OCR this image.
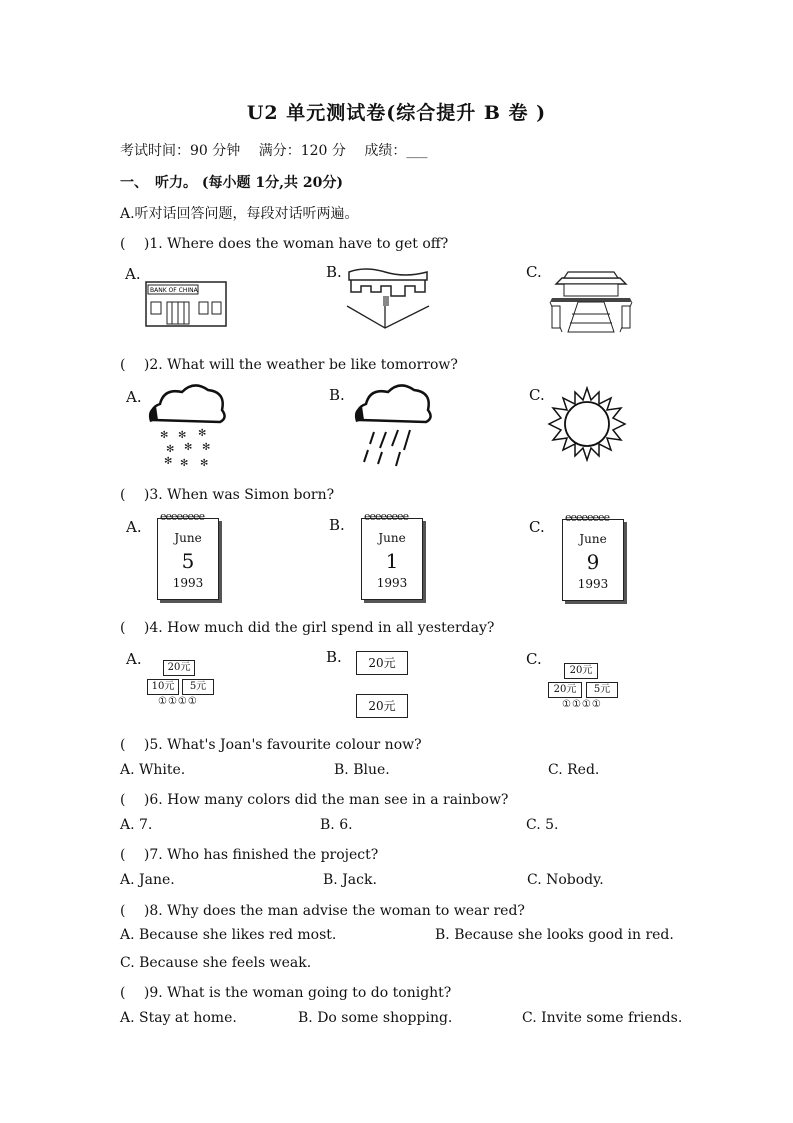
U2 单元测试卷(综合提升 B 卷 )
考试时间：90 分钟　 满分：120 分　 成绩：___
一、　听力。 (每小题 1分,共 20分)
A.听对话回答问题，每段对话听两遍。
(　 )1. Where does the woman have to get off?
A.	B.	C.
BANK OF CHINA
(　 )2. What will the weather be like tomorrow?
A.	B.	C.
✻ ✻ ✻
✻ ✻ ✻
✻ ✻ ✻
(　 )3. When was Simon born?
A.	B.	C.
eeeeeeee
June
5
1993
eeeeeeee
June
1
1993
eeeeeeee
June
9
1993
(　 )4. How much did the girl spend in all yesterday?
A.	B.	C.
20元
10元	5元
①①①①
20元
20元
20元
20元	5元
①①①①
(　 )5. What's Joan's favourite colour now?
A. White.	B. Blue.	C. Red.
(　 )6. How many colors did the man see in a rainbow?
A. 7.	B. 6.	C. 5.
(　 )7. Who has finished the project?
A. Jane.	B. Jack.	C. Nobody.
(　 )8. Why does the man advise the woman to wear red?
A. Because she likes red most.	B. Because she looks good in red.
C. Because she feels weak.
(　 )9. What is the woman going to do tonight?
A. Stay at home.	B. Do some shopping.	C. Invite some friends.
